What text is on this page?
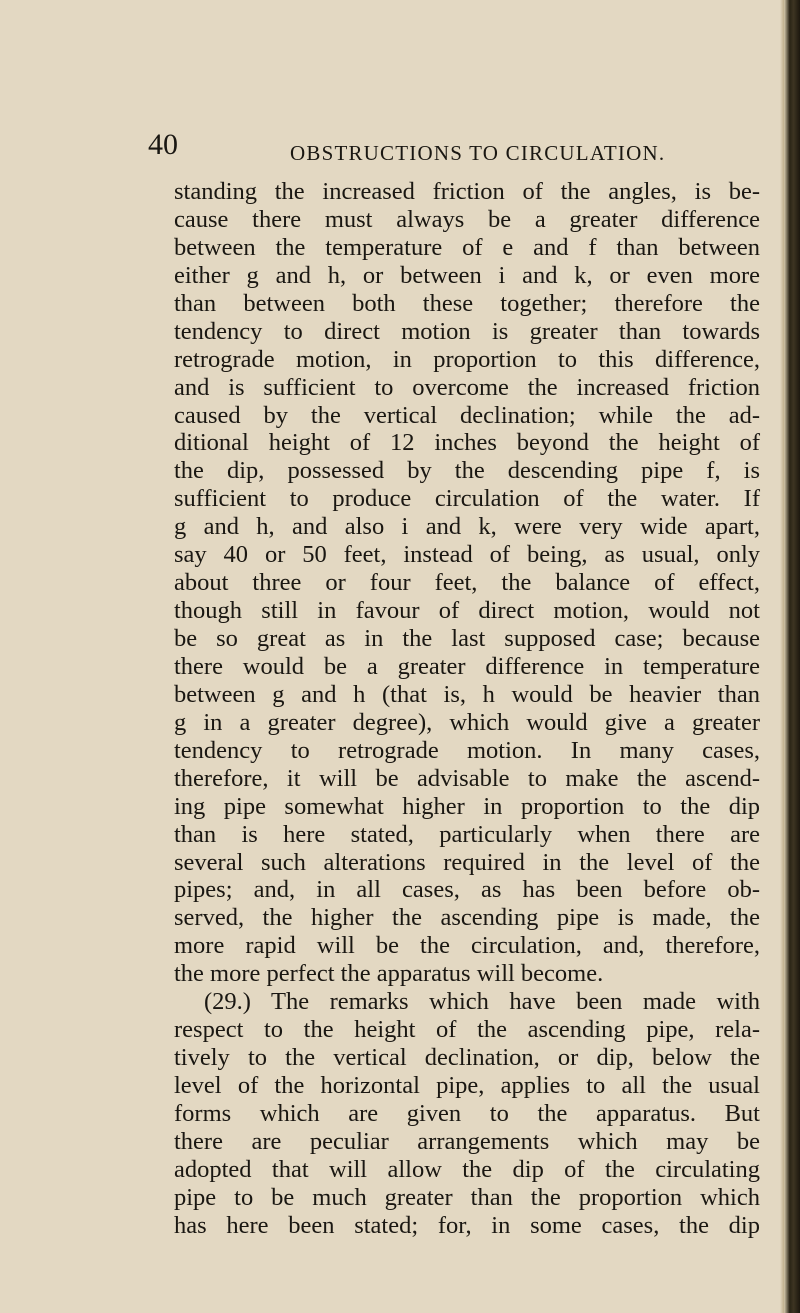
40	OBSTRUCTIONS TO CIRCULATION.
standing the increased friction of the angles, is be-
cause there must always be a greater difference
between the temperature of e and f than between
either g and h, or between i and k, or even more
than between both these together; therefore the
tendency to direct motion is greater than towards
retrograde motion, in proportion to this difference,
and is sufficient to overcome the increased friction
caused by the vertical declination; while the ad-
ditional height of 12 inches beyond the height of
the dip, possessed by the descending pipe f, is
sufficient to produce circulation of the water. If
g and h, and also i and k, were very wide apart,
say 40 or 50 feet, instead of being, as usual, only
about three or four feet, the balance of effect,
though still in favour of direct motion, would not
be so great as in the last supposed case; because
there would be a greater difference in temperature
between g and h (that is, h would be heavier than
g in a greater degree), which would give a greater
tendency to retrograde motion. In many cases,
therefore, it will be advisable to make the ascend-
ing pipe somewhat higher in proportion to the dip
than is here stated, particularly when there are
several such alterations required in the level of the
pipes; and, in all cases, as has been before ob-
served, the higher the ascending pipe is made, the
more rapid will be the circulation, and, therefore,
the more perfect the apparatus will become.
(29.) The remarks which have been made with
respect to the height of the ascending pipe, rela-
tively to the vertical declination, or dip, below the
level of the horizontal pipe, applies to all the usual
forms which are given to the apparatus. But
there are peculiar arrangements which may be
adopted that will allow the dip of the circulating
pipe to be much greater than the proportion which
has here been stated; for, in some cases, the dip
